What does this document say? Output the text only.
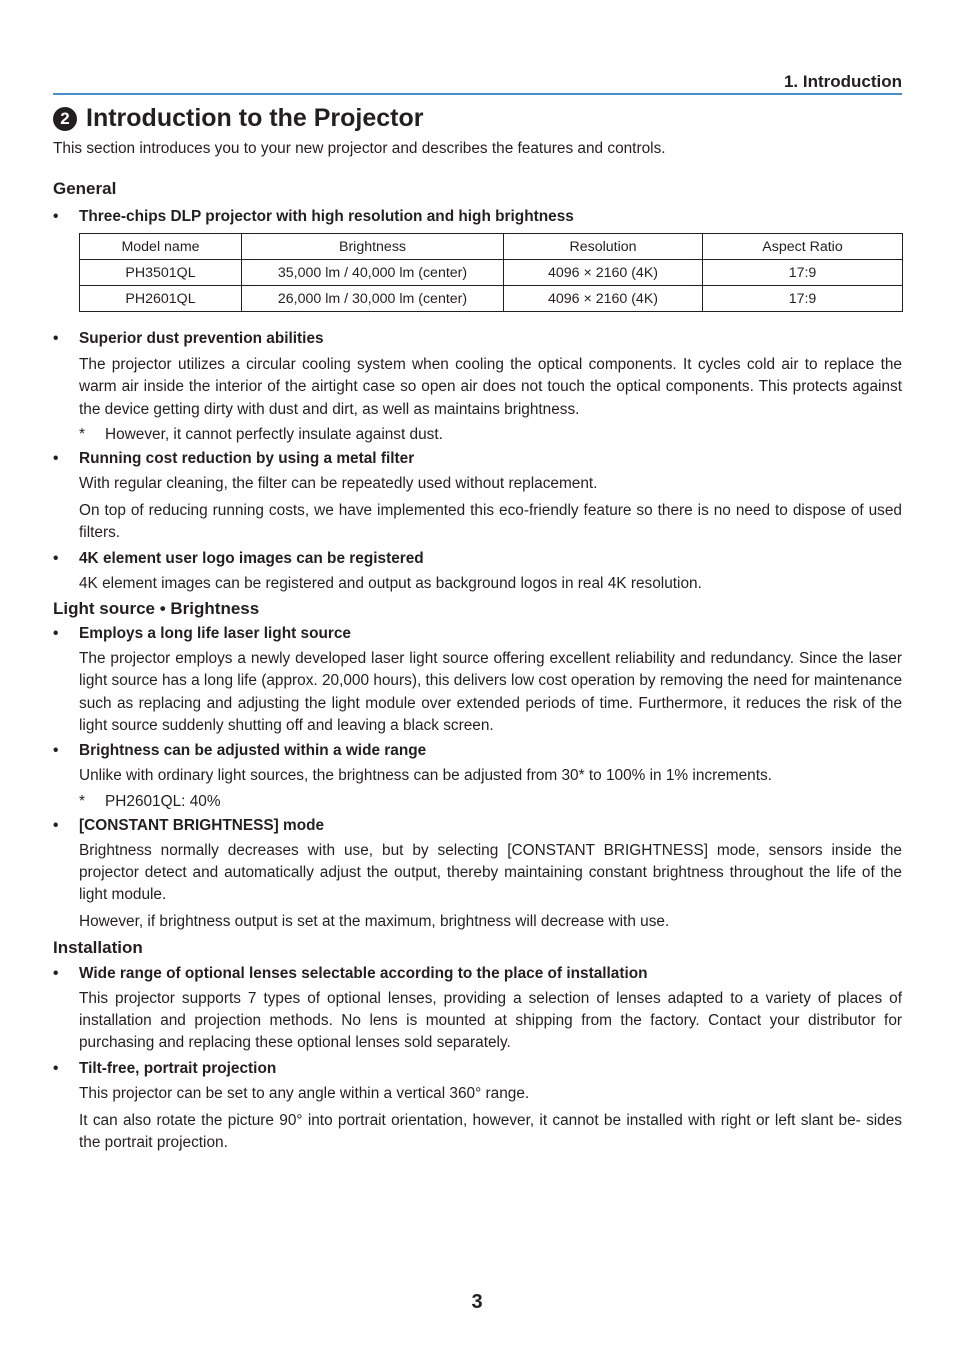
1. Introduction
2 Introduction to the Projector

This section introduces you to your new projector and describes the features and controls.

General

• Three-chips DLP projector with high resolution and high brightness

Model name	Brightness	Resolution	Aspect Ratio
PH3501QL	35,000 lm / 40,000 lm (center)	4096 × 2160 (4K)	17:9
PH2601QL	26,000 lm / 30,000 lm (center)	4096 × 2160 (4K)	17:9

• Superior dust prevention abilities

The projector utilizes a circular cooling system when cooling the optical components. It cycles cold air to replace the warm air inside the interior of the airtight case so open air does not touch the optical components. This protects against the device getting dirty with dust and dirt, as well as maintains brightness.

* However, it cannot perfectly insulate against dust.

• Running cost reduction by using a metal filter

With regular cleaning, the filter can be repeatedly used without replacement.

On top of reducing running costs, we have implemented this eco-friendly feature so there is no need to dispose of used filters.

• 4K element user logo images can be registered

4K element images can be registered and output as background logos in real 4K resolution.

Light source • Brightness

• Employs a long life laser light source

The projector employs a newly developed laser light source offering excellent reliability and redundancy. Since the laser light source has a long life (approx. 20,000 hours), this delivers low cost operation by removing the need for maintenance such as replacing and adjusting the light module over extended periods of time. Furthermore, it reduces the risk of the light source suddenly shutting off and leaving a black screen.

• Brightness can be adjusted within a wide range

Unlike with ordinary light sources, the brightness can be adjusted from 30* to 100% in 1% increments.

* PH2601QL: 40%

• [CONSTANT BRIGHTNESS] mode

Brightness normally decreases with use, but by selecting [CONSTANT BRIGHTNESS] mode, sensors inside the projector detect and automatically adjust the output, thereby maintaining constant brightness throughout the life of the light module.

However, if brightness output is set at the maximum, brightness will decrease with use.

Installation

• Wide range of optional lenses selectable according to the place of installation

This projector supports 7 types of optional lenses, providing a selection of lenses adapted to a variety of places of installation and projection methods. No lens is mounted at shipping from the factory. Contact your distributor for purchasing and replacing these optional lenses sold separately.

• Tilt-free, portrait projection

This projector can be set to any angle within a vertical 360° range.

It can also rotate the picture 90° into portrait orientation, however, it cannot be installed with right or left slant be- sides the portrait projection.

3
